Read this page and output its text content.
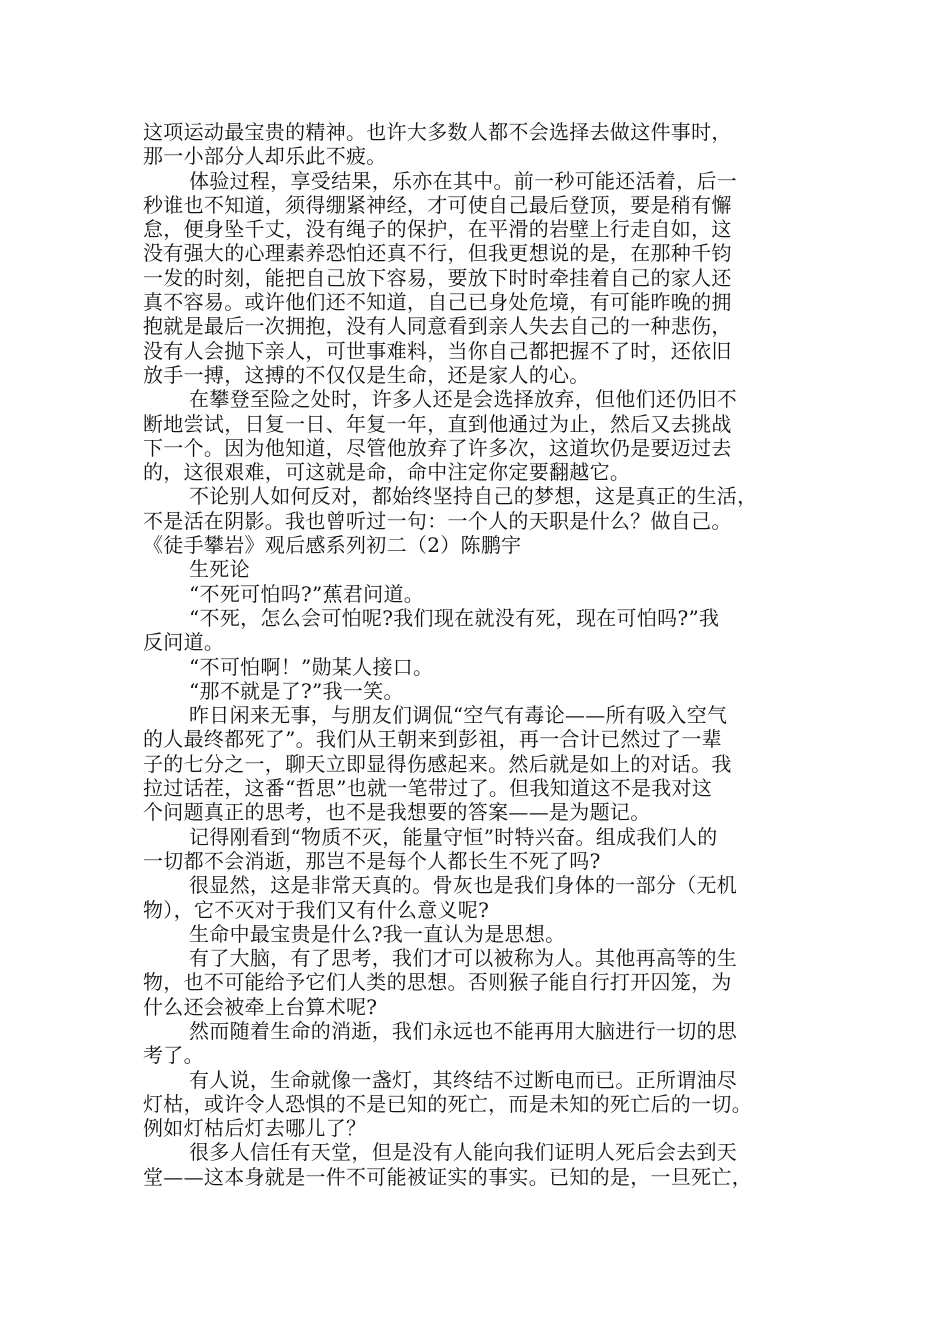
这项运动最宝贵的精神。也许大多数人都不会选择去做这件事时，
那一小部分人却乐此不疲。
体验过程，享受结果，乐亦在其中。前一秒可能还活着，后一
秒谁也不知道，须得绷紧神经，才可使自己最后登顶，要是稍有懈
怠，便身坠千丈，没有绳子的保护，在平滑的岩壁上行走自如，这
没有强大的心理素养恐怕还真不行，但我更想说的是，在那种千钧
一发的时刻，能把自己放下容易，要放下时时牵挂着自己的家人还
真不容易。或许他们还不知道，自己已身处危境，有可能昨晚的拥
抱就是最后一次拥抱，没有人同意看到亲人失去自己的一种悲伤，
没有人会抛下亲人，可世事难料，当你自己都把握不了时，还依旧
放手一搏，这搏的不仅仅是生命，还是家人的心。
在攀登至险之处时，许多人还是会选择放弃，但他们还仍旧不
断地尝试，日复一日、年复一年，直到他通过为止，然后又去挑战
下一个。因为他知道，尽管他放弃了许多次，这道坎仍是要迈过去
的，这很艰难，可这就是命，命中注定你定要翻越它。
不论别人如何反对，都始终坚持自己的梦想，这是真正的生活，
不是活在阴影。我也曾听过一句：一个人的天职是什么？做自己。
《徒手攀岩》观后感系列初二（2）陈鹏宇
生死论
“不死可怕吗?”蕉君问道。
“不死，怎么会可怕呢?我们现在就没有死，现在可怕吗?”我
反问道。
“不可怕啊！”勋某人接口。
“那不就是了?”我一笑。
昨日闲来无事，与朋友们调侃“空气有毒论——所有吸入空气
的人最终都死了”。我们从王朝来到彭祖，再一合计已然过了一辈
子的七分之一，聊天立即显得伤感起来。然后就是如上的对话。我
拉过话茬，这番“哲思”也就一笔带过了。但我知道这不是我对这
个问题真正的思考，也不是我想要的答案——是为题记。
记得刚看到“物质不灭，能量守恒”时特兴奋。组成我们人的
一切都不会消逝，那岂不是每个人都长生不死了吗?
很显然，这是非常天真的。骨灰也是我们身体的一部分（无机
物），它不灭对于我们又有什么意义呢?
生命中最宝贵是什么?我一直认为是思想。
有了大脑，有了思考，我们才可以被称为人。其他再高等的生
物，也不可能给予它们人类的思想。否则猴子能自行打开囚笼，为
什么还会被牵上台算术呢?
然而随着生命的消逝，我们永远也不能再用大脑进行一切的思
考了。
有人说，生命就像一盏灯，其终结不过断电而已。正所谓油尽
灯枯，或许令人恐惧的不是已知的死亡，而是未知的死亡后的一切。
例如灯枯后灯去哪儿了？
很多人信任有天堂，但是没有人能向我们证明人死后会去到天
堂——这本身就是一件不可能被证实的事实。已知的是，一旦死亡，
